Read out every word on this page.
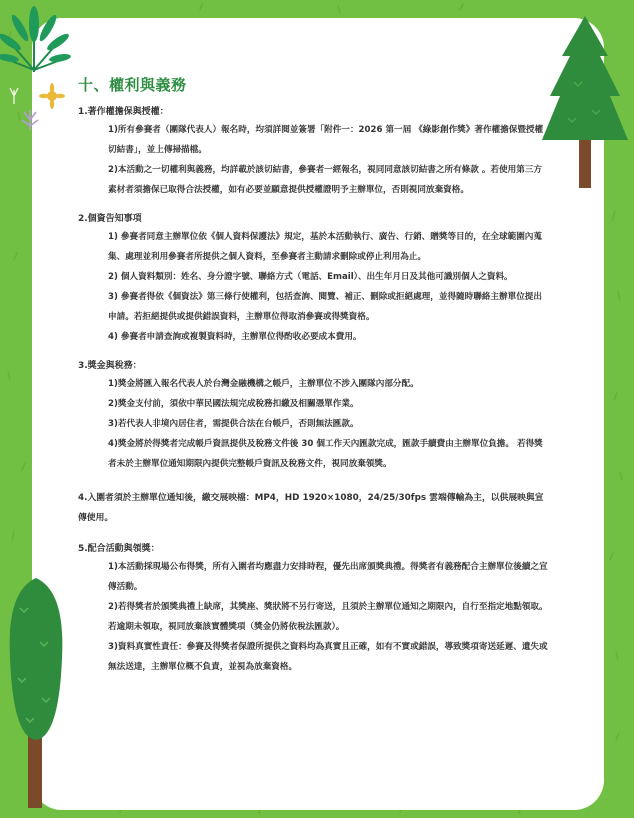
十、權利與義務

1.著作權擔保與授權：

1)所有參賽者（團隊代表人）報名時，均須詳閱並簽署「附件一：2026 第一屆 《綠影創作獎》著作權擔保暨授權切結書」，並上傳掃描檔。

2)本活動之一切權利與義務，均詳載於該切結書，參賽者一經報名，視同同意該切結書之所有條款 。若使用第三方素材者須擔保已取得合法授權，如有必要並願意提供授權證明予主辦單位，否則視同放棄資格。

2.個資告知事項

1) 參賽者同意主辦單位依《個人資料保護法》規定，基於本活動執行、廣告、行銷、贈獎等目的，在全球範圍內蒐集、處理並利用參賽者所提供之個人資料，至參賽者主動請求刪除或停止利用為止。

2) 個人資料類別：姓名、身分證字號、聯絡方式（電話、Email）、出生年月日及其他可識別個人之資料。

3) 參賽者得依《個資法》第三條行使權利，包括查詢、閱覽、補正、刪除或拒絕處理，並得隨時聯絡主辦單位提出申請。若拒絕提供或提供錯誤資料，主辦單位得取消參賽或得獎資格。

4) 參賽者申請查詢或複製資料時，主辦單位得酌收必要成本費用。

3.獎金與稅務：

1)獎金將匯入報名代表人於台灣金融機構之帳戶，主辦單位不涉入團隊內部分配。

2)獎金支付前，須依中華民國法規完成稅務扣繳及相關憑單作業。

3)若代表人非境內居住者，需提供合法在台帳戶，否則無法匯款。

4)獎金將於得獎者完成帳戶資訊提供及稅務文件後 30 個工作天內匯款完成，匯款手續費由主辦單位負擔。 若得獎者未於主辦單位通知期限內提供完整帳戶資訊及稅務文件，視同放棄領獎。

4.入圍者須於主辦單位通知後，繳交展映檔：MP4，HD 1920×1080，24/25/30fps 雲端傳輸為主，以供展映與宣傳使用。

5.配合活動與領獎：

1)本活動採現場公布得獎，所有入圍者均應盡力安排時程，優先出席頒獎典禮。得獎者有義務配合主辦單位後續之宣傳活動。

2)若得獎者於頒獎典禮上缺席，其獎座、獎狀將不另行寄送，且須於主辦單位通知之期限內，自行至指定地點領取。若逾期未領取，視同放棄該實體獎項（獎金仍將依稅法匯款）。

3)資料真實性責任：參賽及得獎者保證所提供之資料均為真實且正確，如有不實或錯誤，導致獎項寄送延遲、遺失或無法送達，主辦單位概不負責，並視為放棄資格。
